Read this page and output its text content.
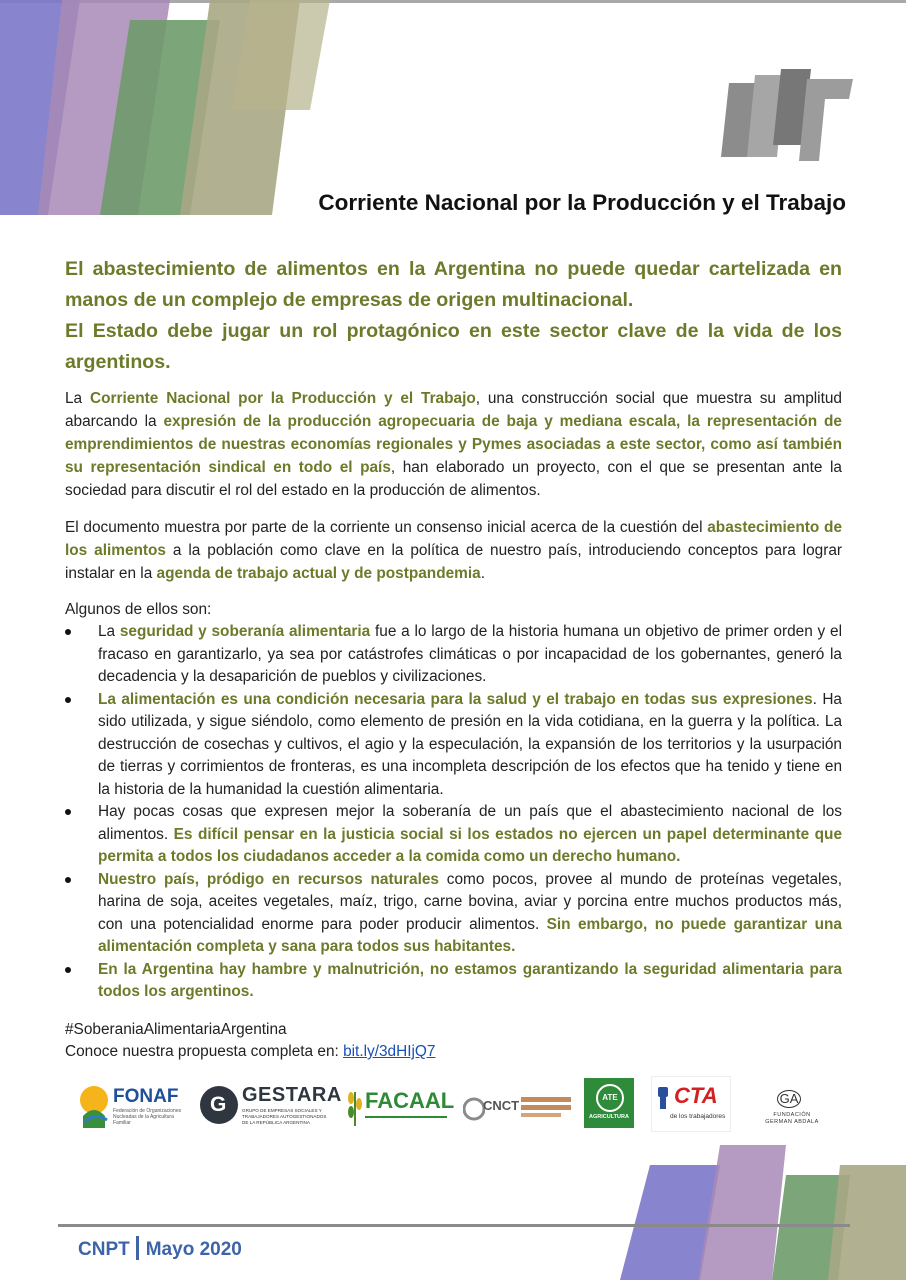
Corriente Nacional por la Producción y el Trabajo

El abastecimiento de alimentos en la Argentina no puede quedar cartelizada en manos de un complejo de empresas de origen multinacional.

El Estado debe jugar un rol protagónico en este sector clave de la vida de los argentinos.

La Corriente Nacional por la Producción y el Trabajo, una construcción social que muestra su amplitud abarcando la expresión de la producción agropecuaria de baja y mediana escala, la representación de emprendimientos de nuestras economías regionales y Pymes asociadas a este sector, como así también su representación sindical en todo el país, han elaborado un proyecto, con el que se presentan ante la sociedad para discutir el rol del estado en la producción de alimentos.

El documento muestra por parte de la corriente un consenso inicial acerca de la cuestión del abastecimiento de los alimentos a la población como clave en la política de nuestro país, introduciendo conceptos para lograr instalar en la agenda de trabajo actual y de postpandemia.

Algunos de ellos son:
La seguridad y soberanía alimentaria fue a lo largo de la historia humana un objetivo de primer orden y el fracaso en garantizarlo, ya sea por catástrofes climáticas o por incapacidad de los gobernantes, generó la decadencia y la desaparición de pueblos y civilizaciones.
La alimentación es una condición necesaria para la salud y el trabajo en todas sus expresiones. Ha sido utilizada, y sigue siéndolo, como elemento de presión en la vida cotidiana, en la guerra y la política. La destrucción de cosechas y cultivos, el agio y la especulación, la expansión de los territorios y la usurpación de tierras y corrimientos de fronteras, es una incompleta descripción de los efectos que ha tenido y tiene en la historia de la humanidad la cuestión alimentaria.
Hay pocas cosas que expresen mejor la soberanía de un país que el abastecimiento nacional de los alimentos. Es difícil pensar en la justicia social si los estados no ejercen un papel determinante que permita a todos los ciudadanos acceder a la comida como un derecho humano.
Nuestro país, pródigo en recursos naturales como pocos, provee al mundo de proteínas vegetales, harina de soja, aceites vegetales, maíz, trigo, carne bovina, aviar y porcina entre muchos productos más, con una potencialidad enorme para poder producir alimentos. Sin embargo, no puede garantizar una alimentación completa y sana para todos sus habitantes.
En la Argentina hay hambre y malnutrición, no estamos garantizando la seguridad alimentaria para todos los argentinos.
#SoberaniaAlimentariaArgentina
Conoce nuestra propuesta completa en: bit.ly/3dHIjQ7
FONAF
Federación de Organizaciones Nucleadas de la Agricultura Familiar
G GESTARA
GRUPO DE EMPRESAS SOCIALES Y TRABAJADORES AUTOGESTIONADOS DE LA REPÚBLICA ARGENTINA
FACAAL CNCT
ATE
AGRICULTURA
CTA
de los trabajadores
GA
FUNDACIÓN GERMAN ABDALA
CNPT Mayo 2020
